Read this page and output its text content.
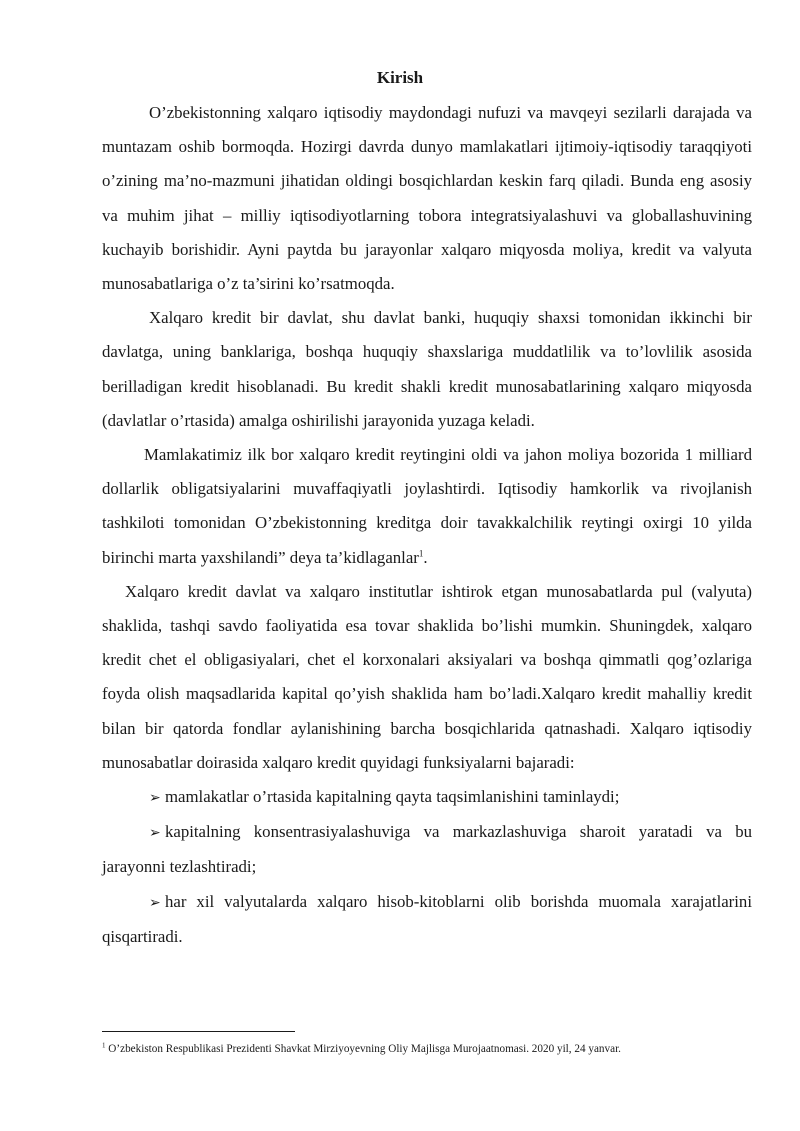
Kirish

O’zbekistonning xalqaro iqtisodiy maydondagi nufuzi va mavqeyi sezilarli darajada va muntazam oshib bormoqda. Hozirgi davrda dunyo mamlakatlari ijtimoiy-iqtisodiy taraqqiyoti o’zining ma’no-mazmuni jihatidan oldingi bosqichlardan keskin farq qiladi. Bunda eng asosiy va muhim jihat – milliy iqtisodiyotlarning tobora integratsiyalashuvi va globallashuvining kuchayib borishidir. Ayni paytda bu jarayonlar xalqaro miqyosda moliya, kredit va valyuta munosabatlariga o’z ta’sirini ko’rsatmoqda.

Xalqaro kredit bir davlat, shu davlat banki, huquqiy shaxsi tomonidan ikkinchi bir davlatga, uning banklariga, boshqa huquqiy shaxslariga muddatlilik va to’lovlilik asosida berilladigan kredit hisoblanadi. Bu kredit shakli kredit munosabatlarining xalqaro miqyosda (davlatlar o’rtasida) amalga oshirilishi jarayonida yuzaga keladi.

Mamlakatimiz ilk bor xalqaro kredit reytingini oldi va jahon moliya bozorida 1 milliard dollarlik obligatsiyalarini muvaffaqiyatli joylashtirdi. Iqtisodiy hamkorlik va rivojlanish tashkiloti tomonidan O’zbekistonning kreditga doir tavakkalchilik reytingi oxirgi 10 yilda birinchi marta yaxshilandi” deya ta’kidlaganlar$^1$.

Xalqaro kredit davlat va xalqaro institutlar ishtirok etgan munosabatlarda pul (valyuta) shaklida, tashqi savdo faoliyatida esa tovar shaklida bo’lishi mumkin. Shuningdek, xalqaro kredit chet el obligasiyalari, chet el korxonalari aksiyalari va boshqa qimmatli qog’ozlariga foyda olish maqsadlarida kapital qo’yish shaklida ham bo’ladi.Xalqaro kredit mahalliy kredit bilan bir qatorda fondlar aylanishining barcha bosqichlarida qatnashadi. Xalqaro iqtisodiy munosabatlar doirasida xalqaro kredit quyidagi funksiyalarni bajaradi:

➢ mamlakatlar o’rtasida kapitalning qayta taqsimlanishini taminlaydi;

➢ kapitalning konsentrasiyalashuviga va markazlashuviga sharoit yaratadi va bu jarayonni tezlashtiradi;

➢ har xil valyutalarda xalqaro hisob-kitoblarni olib borishda muomala xarajatlarini qisqartiradi.

$^1$ O’zbekiston Respublikasi Prezidenti Shavkat Mirziyoyevning Oliy Majlisga Murojaatnomasi. 2020 yil, 24 yanvar.
